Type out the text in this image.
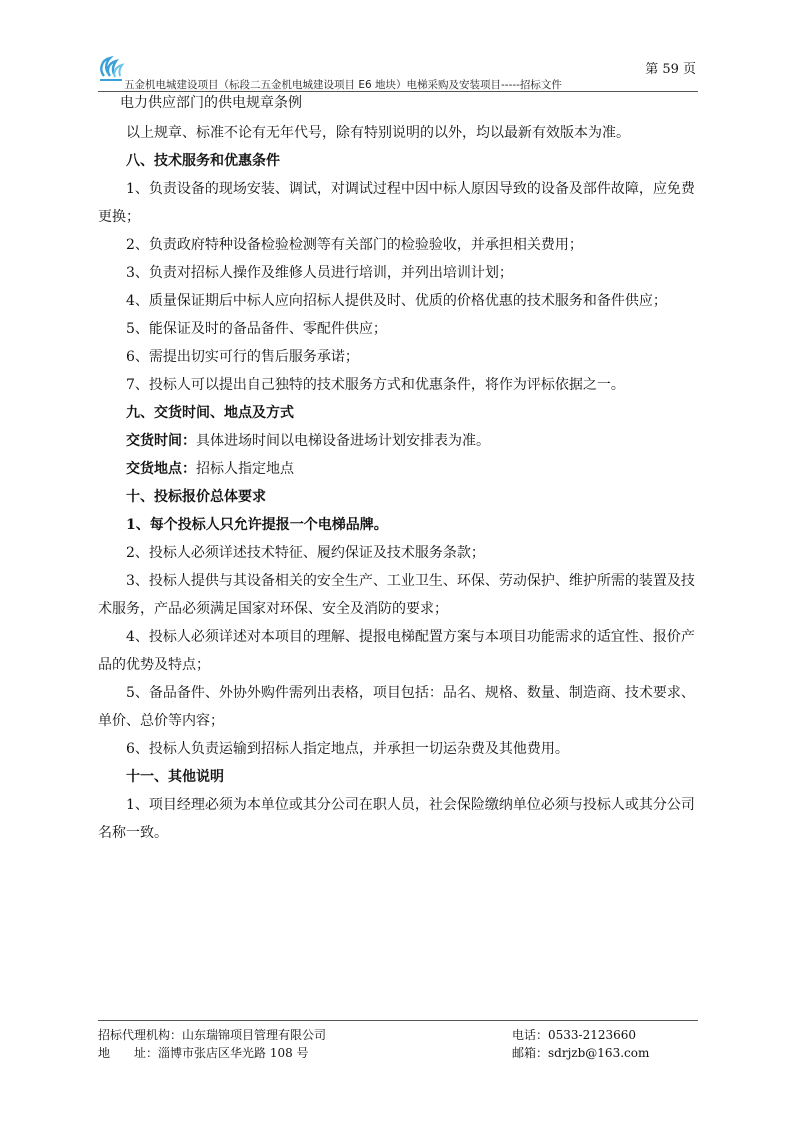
第 59 页
五金机电城建设项目（标段二五金机电城建设项目 E6 地块）电梯采购及安装项目-----招标文件
电力供应部门的供电规章条例
以上规章、标准不论有无年代号，除有特别说明的以外，均以最新有效版本为准。
八、技术服务和优惠条件
1、负责设备的现场安装、调试，对调试过程中因中标人原因导致的设备及部件故障，应免费
更换；
2、负责政府特种设备检验检测等有关部门的检验验收，并承担相关费用；
3、负责对招标人操作及维修人员进行培训，并列出培训计划；
4、质量保证期后中标人应向招标人提供及时、优质的价格优惠的技术服务和备件供应；
5、能保证及时的备品备件、零配件供应；
6、需提出切实可行的售后服务承诺；
7、投标人可以提出自己独特的技术服务方式和优惠条件，将作为评标依据之一。
九、交货时间、地点及方式
交货时间：具体进场时间以电梯设备进场计划安排表为准。
交货地点：招标人指定地点
十、投标报价总体要求
1、每个投标人只允许提报一个电梯品牌。
2、投标人必须详述技术特征、履约保证及技术服务条款；
3、投标人提供与其设备相关的安全生产、工业卫生、环保、劳动保护、维护所需的装置及技
术服务，产品必须满足国家对环保、安全及消防的要求；
4、投标人必须详述对本项目的理解、提报电梯配置方案与本项目功能需求的适宜性、报价产
品的优势及特点；
5、备品备件、外协外购件需列出表格，项目包括：品名、规格、数量、制造商、技术要求、
单价、总价等内容；
6、投标人负责运输到招标人指定地点，并承担一切运杂费及其他费用。
十一、其他说明
1、项目经理必须为本单位或其分公司在职人员，社会保险缴纳单位必须与投标人或其分公司
名称一致。
招标代理机构：山东瑞锦项目管理有限公司
地　　址：淄博市张店区华光路 108 号
电话：0533-2123660
邮箱：sdrjzb@163.com
